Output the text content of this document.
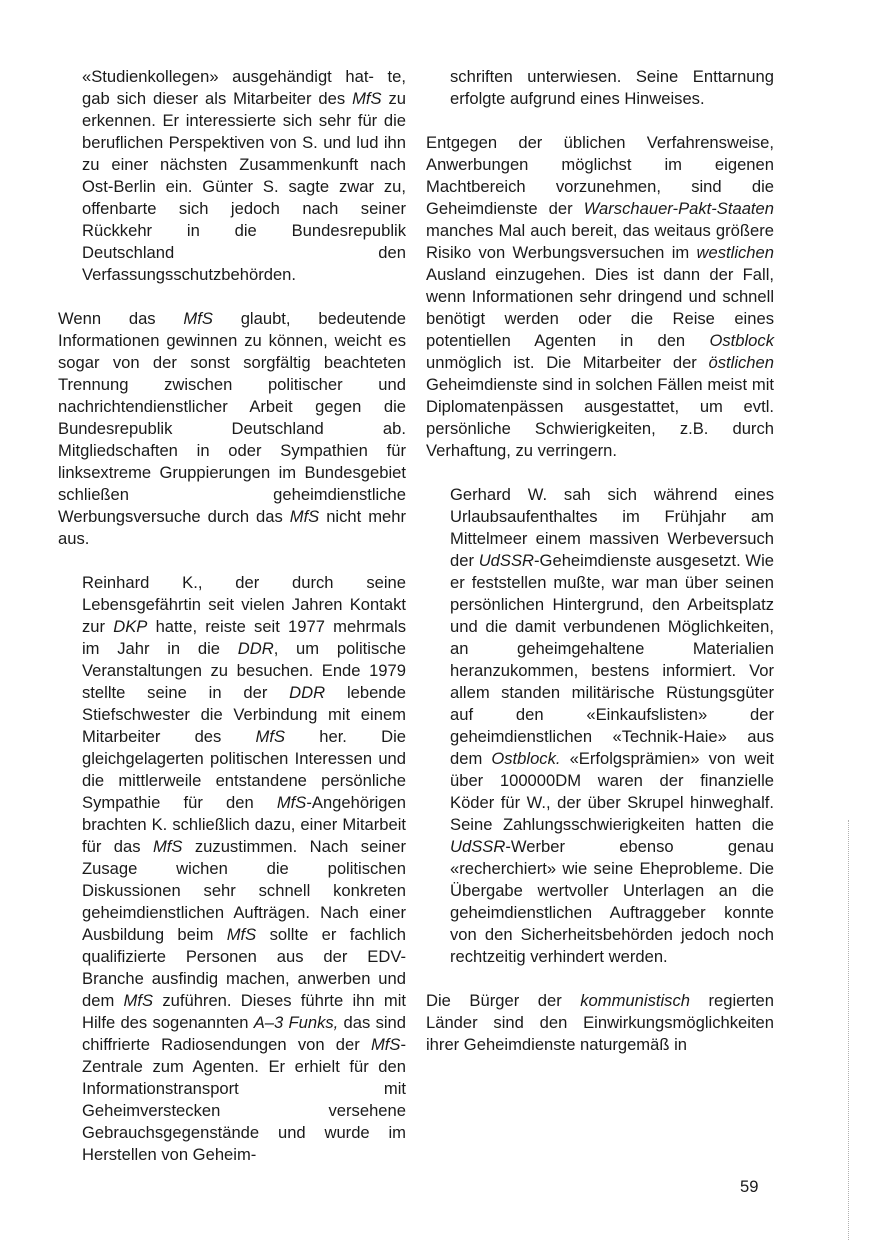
«Studienkollegen» ausgehändigt hat- te, gab sich dieser als Mitarbeiter des MfS zu erkennen. Er interessierte sich sehr für die beruflichen Perspektiven von S. und lud ihn zu einer nächsten Zusammenkunft nach Ost-Berlin ein. Günter S. sagte zwar zu, offenbarte sich jedoch nach seiner Rückkehr in die Bundesrepublik Deutschland den Verfassungsschutzbehörden.

Wenn das MfS glaubt, bedeutende Informationen gewinnen zu können, weicht es sogar von der sonst sorgfältig beachteten Trennung zwischen politischer und nachrichtendienstlicher Arbeit gegen die Bundesrepublik Deutschland ab. Mitgliedschaften in oder Sympathien für linksextreme Gruppierungen im Bundesgebiet schließen geheimdienstliche Werbungsversuche durch das MfS nicht mehr aus.

Reinhard K., der durch seine Lebensgefährtin seit vielen Jahren Kontakt zur DKP hatte, reiste seit 1977 mehrmals im Jahr in die DDR, um politische Veranstaltungen zu besuchen. Ende 1979 stellte seine in der DDR lebende Stiefschwester die Verbindung mit einem Mitarbeiter des MfS her. Die gleichgelagerten politischen Interessen und die mittlerweile entstandene persönliche Sympathie für den MfS-Angehörigen brachten K. schließlich dazu, einer Mitarbeit für das MfS zuzustimmen. Nach seiner Zusage wichen die politischen Diskussionen sehr schnell konkreten geheimdienstlichen Aufträgen. Nach einer Ausbildung beim MfS sollte er fachlich qualifizierte Personen aus der EDV-Branche ausfindig machen, anwerben und dem MfS zuführen. Dieses führte ihn mit Hilfe des sogenannten A–3 Funks, das sind chiffrierte Radiosendungen von der MfS-Zentrale zum Agenten. Er erhielt für den Informationstransport mit Geheimverstecken versehene Gebrauchsgegenstände und wurde im Herstellen von Geheim-

schriften unterwiesen. Seine Enttarnung erfolgte aufgrund eines Hinweises.

Entgegen der üblichen Verfahrensweise, Anwerbungen möglichst im eigenen Machtbereich vorzunehmen, sind die Geheimdienste der Warschauer-Pakt-Staaten manches Mal auch bereit, das weitaus größere Risiko von Werbungsversuchen im westlichen Ausland einzugehen. Dies ist dann der Fall, wenn Informationen sehr dringend und schnell benötigt werden oder die Reise eines potentiellen Agenten in den Ostblock unmöglich ist. Die Mitarbeiter der östlichen Geheimdienste sind in solchen Fällen meist mit Diplomatenpässen ausgestattet, um evtl. persönliche Schwierigkeiten, z.B. durch Verhaftung, zu verringern.

Gerhard W. sah sich während eines Urlaubsaufenthaltes im Frühjahr am Mittelmeer einem massiven Werbeversuch der UdSSR-Geheimdienste ausgesetzt. Wie er feststellen mußte, war man über seinen persönlichen Hintergrund, den Arbeitsplatz und die damit verbundenen Möglichkeiten, an geheimgehaltene Materialien heranzukommen, bestens informiert. Vor allem standen militärische Rüstungsgüter auf den «Einkaufslisten» der geheimdienstlichen «Technik-Haie» aus dem Ostblock. «Erfolgsprämien» von weit über 100000DM waren der finanzielle Köder für W., der über Skrupel hinweghalf. Seine Zahlungsschwierigkeiten hatten die UdSSR-Werber ebenso genau «recherchiert» wie seine Eheprobleme. Die Übergabe wertvoller Unterlagen an die geheimdienstlichen Auftraggeber konnte von den Sicherheitsbehörden jedoch noch rechtzeitig verhindert werden.

Die Bürger der kommunistisch regierten Länder sind den Einwirkungsmöglichkeiten ihrer Geheimdienste naturgemäß in

59
